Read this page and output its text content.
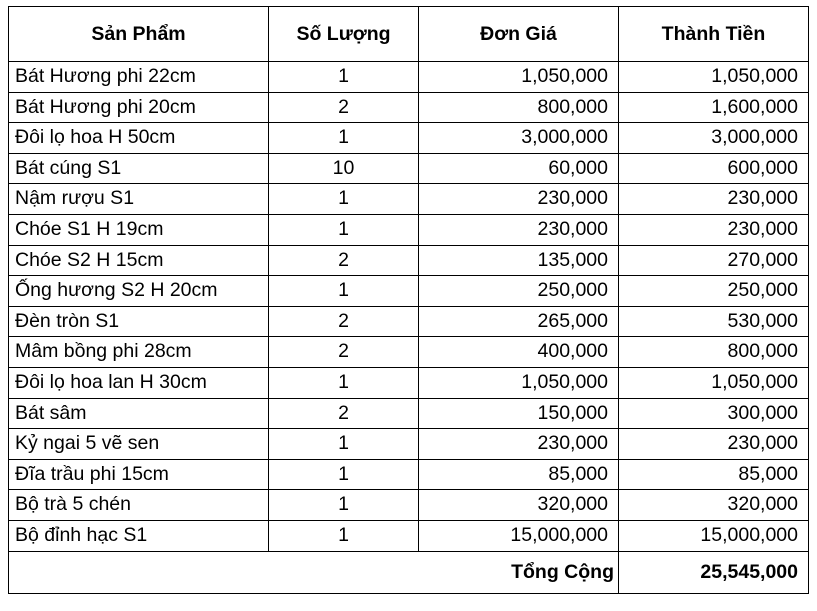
Sản Phẩm	Số Lượng	Đơn Giá	Thành Tiền
Bát Hương phi 22cm	1	1,050,000	1,050,000
Bát Hương phi 20cm	2	800,000	1,600,000
Đôi lọ hoa H 50cm	1	3,000,000	3,000,000
Bát cúng S1	10	60,000	600,000
Nậm rượu S1	1	230,000	230,000
Chóe S1 H 19cm	1	230,000	230,000
Chóe S2 H 15cm	2	135,000	270,000
Ống hương S2 H 20cm	1	250,000	250,000
Đèn tròn S1	2	265,000	530,000
Mâm bồng phi 28cm	2	400,000	800,000
Đôi lọ hoa lan H 30cm	1	1,050,000	1,050,000
Bát sâm	2	150,000	300,000
Kỷ ngai 5 vẽ sen	1	230,000	230,000
Đĩa trầu phi 15cm	1	85,000	85,000
Bộ trà 5 chén	1	320,000	320,000
Bộ đỉnh hạc S1	1	15,000,000	15,000,000
Tổng Cộng			25,545,000
